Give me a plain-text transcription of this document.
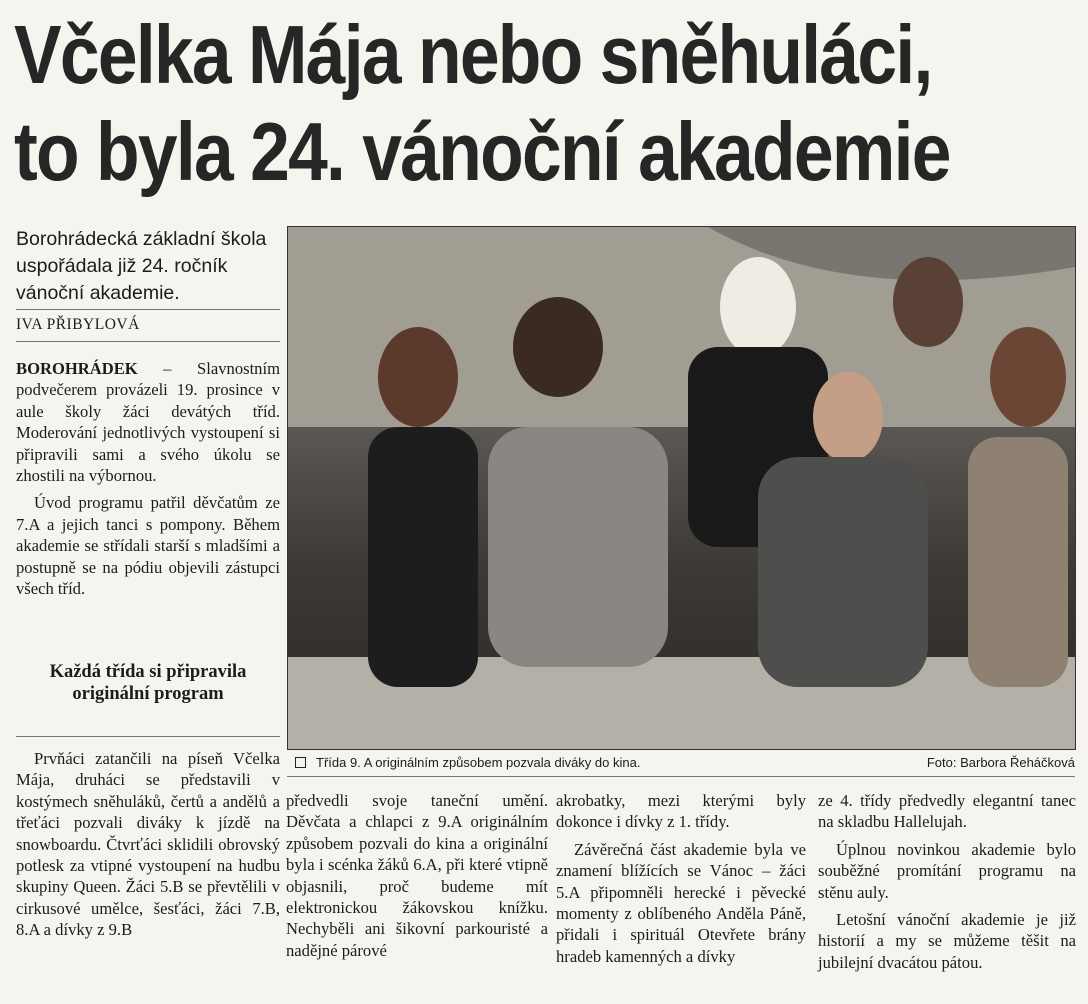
Včelka Mája nebo sněhuláci,
to byla 24. vánoční akademie
Borohrádecká základní škola uspořádala již 24. ročník vánoční akademie.
IVA PŘIBYLOVÁ

BOROHRÁDEK – Slavnostním podvečerem provázeli 19. prosince v aule školy žáci devátých tříd. Moderování jednotlivých vystoupení si připravili sami a svého úkolu se zhostili na výbornou.

Úvod programu patřil děvčatům ze 7.A a jejich tanci s pompony. Během akademie se střídali starší s mladšími a postupně se na pódiu objevili zástupci všech tříd.

Každá třída si připravila originální program

Prvňáci zatančili na píseň Včelka Mája, druháci se představili v kostýmech sněhuláků, čertů a andělů a třeťáci pozvali diváky k jízdě na snowboardu. Čtvrťáci sklidili obrovský potlesk za vtipné vystoupení na hudbu skupiny Queen. Žáci 5.B se převtělili v cirkusové umělce, šesťáci, žáci 7.B, 8.A a dívky z 9.B

Třída 9. A originálním způsobem pozvala diváky do kina.	Foto: Barbora Řeháčková

předvedli svoje taneční umění. Děvčata a chlapci z 9.A originálním způsobem pozvali do kina a originální byla i scénka žáků 6.A, při které vtipně objasnili, proč budeme mít elektronickou žákovskou knížku. Nechyběli ani šikovní parkouristé a nadějné párové

akrobatky, mezi kterými byly dokonce i dívky z 1. třídy.

Závěrečná část akademie byla ve znamení blížících se Vánoc – žáci 5.A připomněli herecké i pěvecké momenty z oblíbeného Anděla Páně, přidali i spirituál Otevřete brány hradeb kamenných a dívky

ze 4. třídy předvedly elegantní tanec na skladbu Hallelujah.

Úplnou novinkou akademie bylo souběžné promítání programu na stěnu auly.

Letošní vánoční akademie je již historií a my se můžeme těšit na jubilejní dvacátou pátou.
